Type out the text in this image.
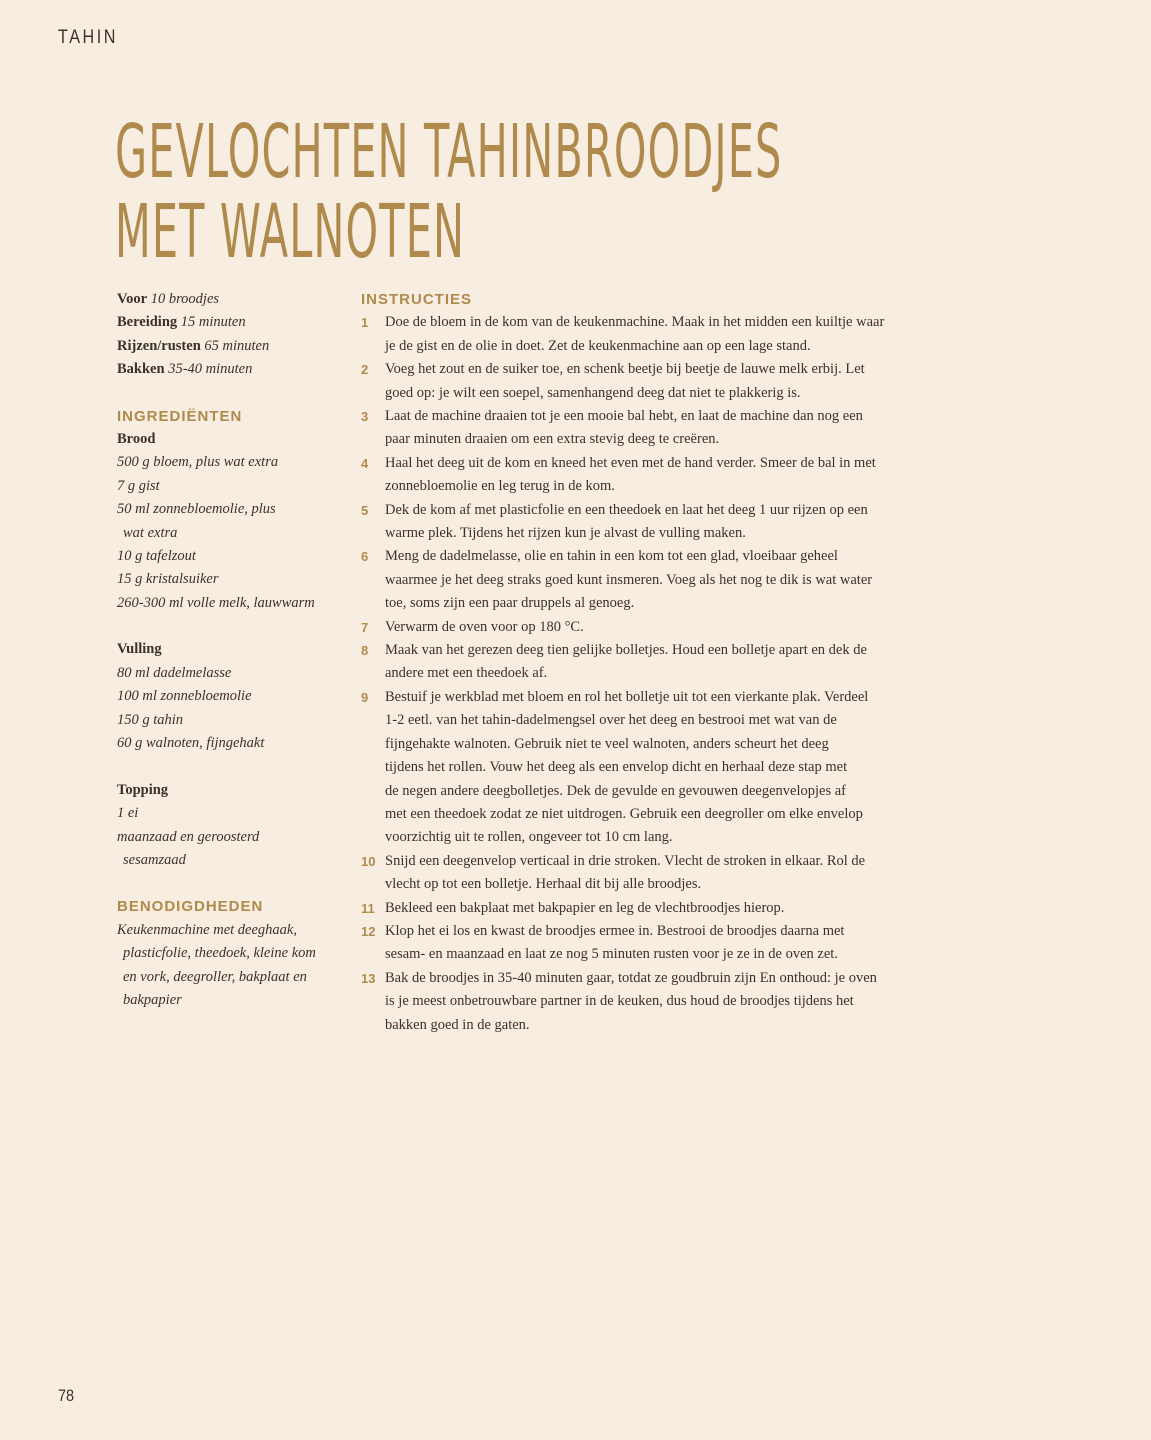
TAHIN
GEVLOCHTEN TAHINBROODJES
MET WALNOTEN
Voor 10 broodjes
Bereiding 15 minuten
Rijzen/rusten 65 minuten
Bakken 35-40 minuten
INGREDIËNTEN
Brood
500 g bloem, plus wat extra
7 g gist
50 ml zonnebloemolie, plus
wat extra
10 g tafelzout
15 g kristalsuiker
260-300 ml volle melk, lauwwarm
Vulling
80 ml dadelmelasse
100 ml zonnebloemolie
150 g tahin
60 g walnoten, fijngehakt
Topping
1 ei
maanzaad en geroosterd
sesamzaad
BENODIGDHEDEN
Keukenmachine met deeghaak,
plasticfolie, theedoek, kleine kom
en vork, deegroller, bakplaat en
bakpapier
INSTRUCTIES
1	Doe de bloem in de kom van de keukenmachine. Maak in het midden een kuiltje waar
je de gist en de olie in doet. Zet de keukenmachine aan op een lage stand.
2	Voeg het zout en de suiker toe, en schenk beetje bij beetje de lauwe melk erbij. Let
goed op: je wilt een soepel, samenhangend deeg dat niet te plakkerig is.
3	Laat de machine draaien tot je een mooie bal hebt, en laat de machine dan nog een
paar minuten draaien om een extra stevig deeg te creëren.
4	Haal het deeg uit de kom en kneed het even met de hand verder. Smeer de bal in met
zonnebloemolie en leg terug in de kom.
5	Dek de kom af met plasticfolie en een theedoek en laat het deeg 1 uur rijzen op een
warme plek. Tijdens het rijzen kun je alvast de vulling maken.
6	Meng de dadelmelasse, olie en tahin in een kom tot een glad, vloeibaar geheel
waarmee je het deeg straks goed kunt insmeren. Voeg als het nog te dik is wat water
toe, soms zijn een paar druppels al genoeg.
7	Verwarm de oven voor op 180 °C.
8	Maak van het gerezen deeg tien gelijke bolletjes. Houd een bolletje apart en dek de
andere met een theedoek af.
9	Bestuif je werkblad met bloem en rol het bolletje uit tot een vierkante plak. Verdeel
1-2 eetl. van het tahin-dadelmengsel over het deeg en bestrooi met wat van de
fijngehakte walnoten. Gebruik niet te veel walnoten, anders scheurt het deeg
tijdens het rollen. Vouw het deeg als een envelop dicht en herhaal deze stap met
de negen andere deegbolletjes. Dek de gevulde en gevouwen deegenvelopjes af
met een theedoek zodat ze niet uitdrogen. Gebruik een deegroller om elke envelop
voorzichtig uit te rollen, ongeveer tot 10 cm lang.
10 Snijd een deegenvelop verticaal in drie stroken. Vlecht de stroken in elkaar. Rol de
vlecht op tot een bolletje. Herhaal dit bij alle broodjes.
11 Bekleed een bakplaat met bakpapier en leg de vlechtbroodjes hierop.
12 Klop het ei los en kwast de broodjes ermee in. Bestrooi de broodjes daarna met
sesam- en maanzaad en laat ze nog 5 minuten rusten voor je ze in de oven zet.
13 Bak de broodjes in 35-40 minuten gaar, totdat ze goudbruin zijn En onthoud: je oven
is je meest onbetrouwbare partner in de keuken, dus houd de broodjes tijdens het
bakken goed in de gaten.
78
